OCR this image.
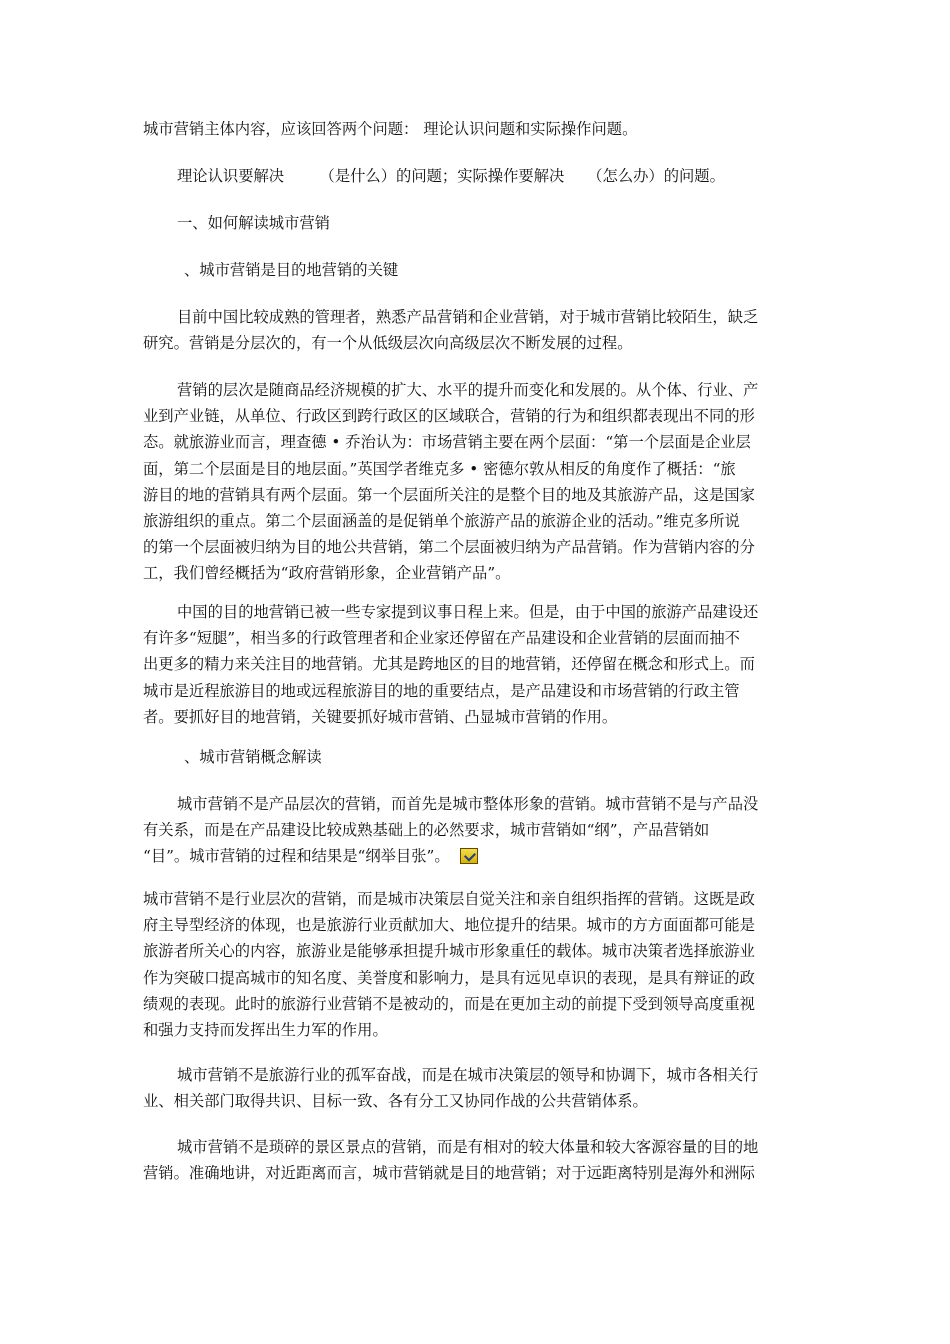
城市营销主体内容，应该回答两个问题： 理论认识问题和实际操作问题。

理论认识要解决　　 （是什么）的问题；实际操作要解决　　（怎么办）的问题。

一、如何解读城市营销

、城市营销是目的地营销的关键

目前中国比较成熟的管理者，熟悉产品营销和企业营销，对于城市营销比较陌生，缺乏
研究。营销是分层次的，有一个从低级层次向高级层次不断发展的过程。

营销的层次是随商品经济规模的扩大、水平的提升而变化和发展的。从个体、行业、产
业到产业链，从单位、行政区到跨行政区的区域联合，营销的行为和组织都表现出不同的形
态。就旅游业而言，理查德 • 乔治认为：市场营销主要在两个层面：“第一个层面是企业层
面，第二个层面是目的地层面。”英国学者维克多 • 密德尔敦从相反的角度作了概括：“旅
游目的地的营销具有两个层面。第一个层面所关注的是整个目的地及其旅游产品，这是国家
旅游组织的重点。第二个层面涵盖的是促销单个旅游产品的旅游企业的活动。”维克多所说
的第一个层面被归纳为目的地公共营销，第二个层面被归纳为产品营销。作为营销内容的分
工，我们曾经概括为“政府营销形象，企业营销产品”。

中国的目的地营销已被一些专家提到议事日程上来。但是，由于中国的旅游产品建设还
有许多“短腿”，相当多的行政管理者和企业家还停留在产品建设和企业营销的层面而抽不
出更多的精力来关注目的地营销。尤其是跨地区的目的地营销，还停留在概念和形式上。而
城市是近程旅游目的地或远程旅游目的地的重要结点，是产品建设和市场营销的行政主管
者。要抓好目的地营销，关键要抓好城市营销、凸显城市营销的作用。

、城市营销概念解读

城市营销不是产品层次的营销，而首先是城市整体形象的营销。城市营销不是与产品没
有关系，而是在产品建设比较成熟基础上的必然要求，城市营销如“纲”，产品营销如
“目”。城市营销的过程和结果是“纲举目张”。

城市营销不是行业层次的营销，而是城市决策层自觉关注和亲自组织指挥的营销。这既是政
府主导型经济的体现，也是旅游行业贡献加大、地位提升的结果。城市的方方面面都可能是
旅游者所关心的内容，旅游业是能够承担提升城市形象重任的载体。城市决策者选择旅游业
作为突破口提高城市的知名度、美誉度和影响力，是具有远见卓识的表现，是具有辩证的政
绩观的表现。此时的旅游行业营销不是被动的，而是在更加主动的前提下受到领导高度重视
和强力支持而发挥出生力军的作用。

城市营销不是旅游行业的孤军奋战，而是在城市决策层的领导和协调下，城市各相关行
业、相关部门取得共识、目标一致、各有分工又协同作战的公共营销体系。

城市营销不是琐碎的景区景点的营销，而是有相对的较大体量和较大客源容量的目的地
营销。准确地讲，对近距离而言，城市营销就是目的地营销；对于远距离特别是海外和洲际
